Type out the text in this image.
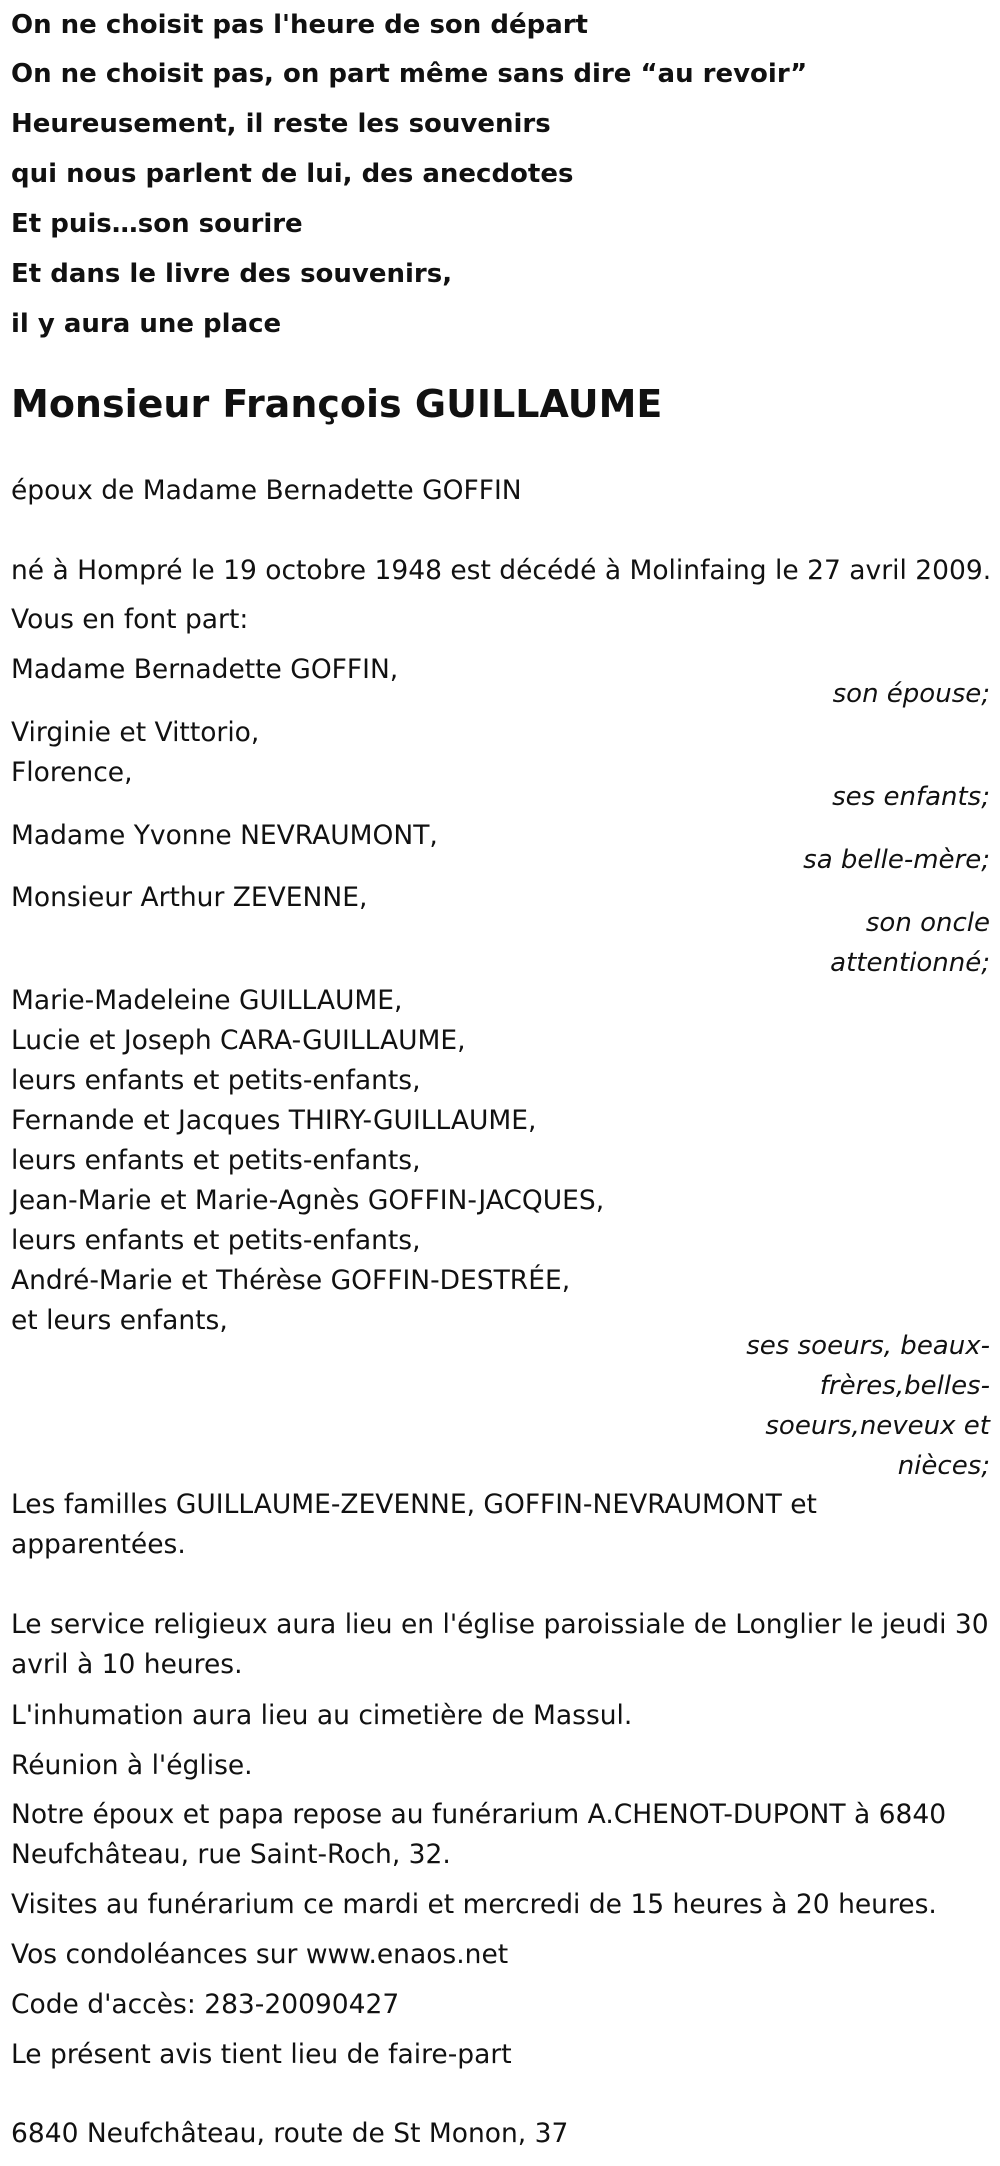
On ne choisit pas l'heure de son départ
On ne choisit pas, on part même sans dire “au revoir”
Heureusement, il reste les souvenirs
qui nous parlent de lui, des anecdotes
Et puis…son sourire
Et dans le livre des souvenirs,
il y aura une place
Monsieur François GUILLAUME
époux de Madame Bernadette GOFFIN
né à Hompré le 19 octobre 1948 est décédé à Molinfaing le 27 avril 2009.
Vous en font part:
Madame Bernadette GOFFIN,
son épouse;
Virginie et Vittorio,
Florence,
ses enfants;
Madame Yvonne NEVRAUMONT,
sa belle-mère;
Monsieur Arthur ZEVENNE,
son oncle
attentionné;
Marie-Madeleine GUILLAUME,
Lucie et Joseph CARA-GUILLAUME,
leurs enfants et petits-enfants,
Fernande et Jacques THIRY-GUILLAUME,
leurs enfants et petits-enfants,
Jean-Marie et Marie-Agnès GOFFIN-JACQUES,
leurs enfants et petits-enfants,
André-Marie et Thérèse GOFFIN-DESTRÉE,
et leurs enfants,
ses soeurs, beaux-
frères,belles-
soeurs,neveux et
nièces;
Les familles GUILLAUME-ZEVENNE, GOFFIN-NEVRAUMONT et
apparentées.
Le service religieux aura lieu en l'église paroissiale de Longlier le jeudi 30
avril à 10 heures.
L'inhumation aura lieu au cimetière de Massul.
Réunion à l'église.
Notre époux et papa repose au funérarium A.CHENOT-DUPONT à 6840
Neufchâteau, rue Saint-Roch, 32.
Visites au funérarium ce mardi et mercredi de 15 heures à 20 heures.
Vos condoléances sur www.enaos.net
Code d'accès: 283-20090427
Le présent avis tient lieu de faire-part
6840 Neufchâteau, route de St Monon, 37
